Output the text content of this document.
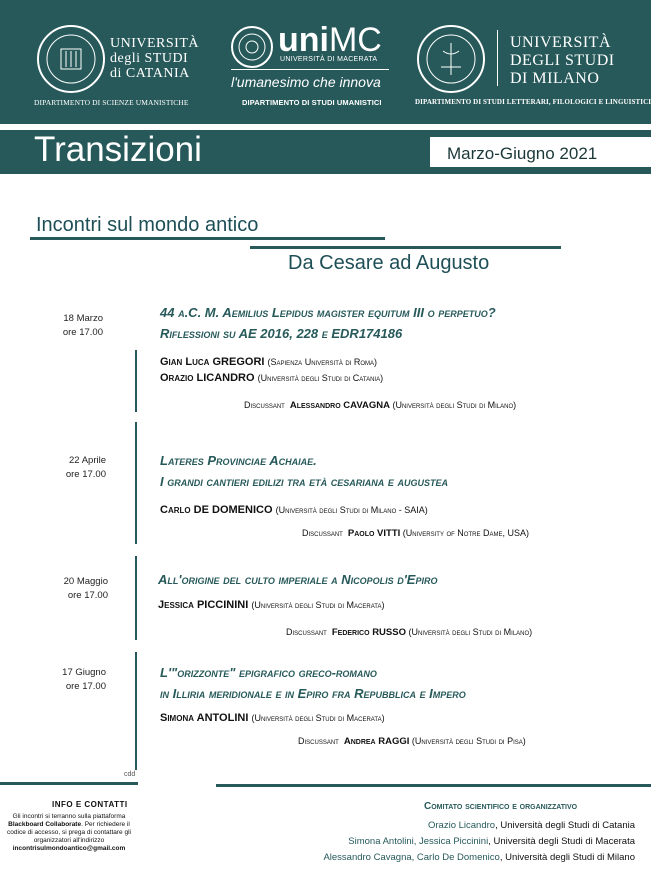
UNIVERSITÀ
degli STUDI
di CATANIA
DIPARTIMENTO DI SCIENZE UMANISTICHE
uniMC
UNIVERSITÀ DI MACERATA
l'umanesimo che innova
DIPARTIMENTO DI STUDI UMANISTICI
UNIVERSITÀ
DEGLI STUDI
DI MILANO
DIPARTIMENTO DI STUDI LETTERARI, FILOLOGICI E LINGUISTICI
Transizioni	Marzo-Giugno 2021
Incontri sul mondo antico
Da Cesare ad Augusto
18 Marzo
ore 17.00
44 a.C. M. Aemilius Lepidus magister equitum III o perpetuo?
Riflessioni su AE 2016, 228 e EDR174186
Gian Luca GREGORI (Sapienza Università di Roma)
Orazio LICANDRO (Università degli Studi di Catania)
Discussant Alessandro CAVAGNA (Università degli Studi di Milano)
22 Aprile
ore 17.00
Lateres Provinciae Achaiae.
I grandi cantieri edilizi tra età cesariana e augustea
Carlo DE DOMENICO (Università degli Studi di Milano - SAIA)
Discussant Paolo VITTI (University of Notre Dame, USA)
20 Maggio
ore 17.00
All'origine del culto imperiale a Nicopolis d'Epiro
Jessica PICCININI (Università degli Studi di Macerata)
Discussant Federico RUSSO (Università degli Studi di Milano)
17 Giugno
ore 17.00
L'"orizzonte" epigrafico greco-romano
in Illiria meridionale e in Epiro fra Repubblica e Impero
Simona ANTOLINI (Università degli Studi di Macerata)
Discussant Andrea RAGGI (Università degli Studi di Pisa)
cdd
INFO E CONTATTI
Gli incontri si terranno sulla piattaforma Blackboard Collaborate. Per richiedere il codice di accesso, si prega di contattare gli organizzatori all'indirizzo incontrisulmondoantico@gmail.com
Comitato scientifico e organizzativo
Orazio Licandro, Università degli Studi di Catania
Simona Antolini, Jessica Piccinini, Università degli Studi di Macerata
Alessandro Cavagna, Carlo De Domenico, Università degli Studi di Milano
